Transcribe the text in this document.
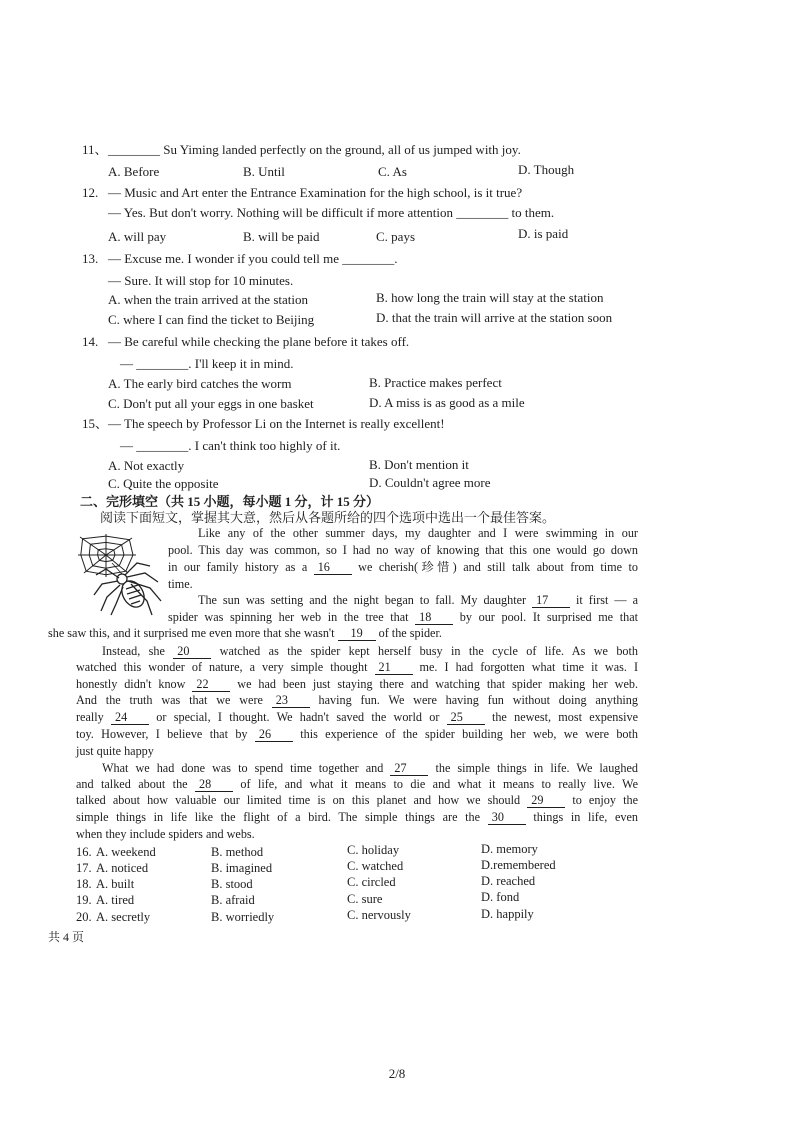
11、 ________ Su Yiming landed perfectly on the ground, all of us jumped with joy.
A. Before	B. Until	C. As	D. Though
12. — Music and Art enter the Entrance Examination for the high school, is it true?
— Yes. But don't worry. Nothing will be difficult if more attention ________ to them.
A. will pay	B. will be paid	C. pays	D. is paid
13. — Excuse me. I wonder if you could tell me ________.
— Sure. It will stop for 10 minutes.
A. when the train arrived at the station	B. how long the train will stay at the station
C. where I can find the ticket to Beijing	D. that the train will arrive at the station soon
14. — Be careful while checking the plane before it takes off.
— ________. I'll keep it in mind.
A. The early bird catches the worm	B. Practice makes perfect
C. Don't put all your eggs in one basket	D. A miss is as good as a mile
15、 — The speech by Professor Li on the Internet is really excellent!
— ________. I can't think too highly of it.
A. Not exactly	B. Don't mention it
C. Quite the opposite	D. Couldn't agree more
二、完形填空（共 15 小题，每小题 1 分，计 15 分）
阅读下面短文，掌握其大意，然后从各题所给的四个选项中选出一个最佳答案。
Like any of the other summer days, my daughter and I were swimming in our
pool. This day was common, so I had no way of knowing that this one would go down
in our family history as a 16 we cherish(珍惜) and still talk about from time to
time.
The sun was setting and the night began to fall. My daughter 17 it first — a
spider was spinning her web in the tree that 18 by our pool. It surprised me that
she saw this, and it surprised me even more that she wasn't 19 of the spider.
Instead, she 20 watched as the spider kept herself busy in the cycle of life. As we both
watched this wonder of nature, a very simple thought 21 me. I had forgotten what time it was. I
honestly didn't know 22 we had been just staying there and watching that spider making her web.
And the truth was that we were 23 having fun. We were having fun without doing anything
really 24 or special, I thought. We hadn't saved the world or 25 the newest, most expensive
toy. However, I believe that by 26 this experience of the spider building her web, we were both
just quite happy
What we had done was to spend time together and 27 the simple things in life. We laughed
and talked about the 28 of life, and what it means to die and what it means to really live. We
talked about how valuable our limited time is on this planet and how we should 29 to enjoy the
simple things in life like the flight of a bird. The simple things are the 30 things in life, even
when they include spiders and webs.
16. A. weekend	B. method	C. holiday	D. memory
17. A. noticed	B. imagined	C. watched	D.remembered
18. A. built	B. stood	C. circled	D. reached
19. A. tired	B. afraid	C. sure	D. fond
20. A. secretly	B. worriedly	C. nervously	D. happily
共 4 页
2/8
